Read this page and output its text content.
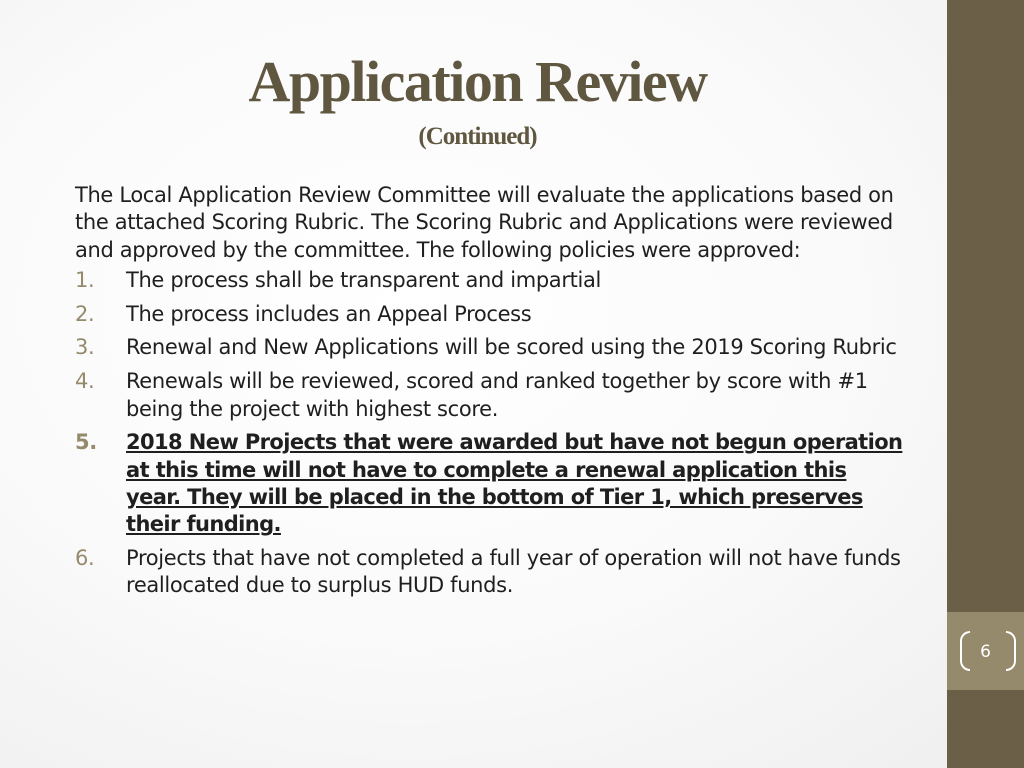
6
Application Review
(Continued)

The Local Application Review Committee will evaluate the applications based on the attached Scoring Rubric. The Scoring Rubric and Applications were reviewed and approved by the committee. The following policies were approved:

1. The process shall be transparent and impartial
2. The process includes an Appeal Process
3. Renewal and New Applications will be scored using the 2019 Scoring Rubric
4. Renewals will be reviewed, scored and ranked together by score with #1 being the project with highest score.
5. 2018 New Projects that were awarded but have not begun operation at this time will not have to complete a renewal application this year. They will be placed in the bottom of Tier 1, which preserves their funding.
6. Projects that have not completed a full year of operation will not have funds reallocated due to surplus HUD funds.
